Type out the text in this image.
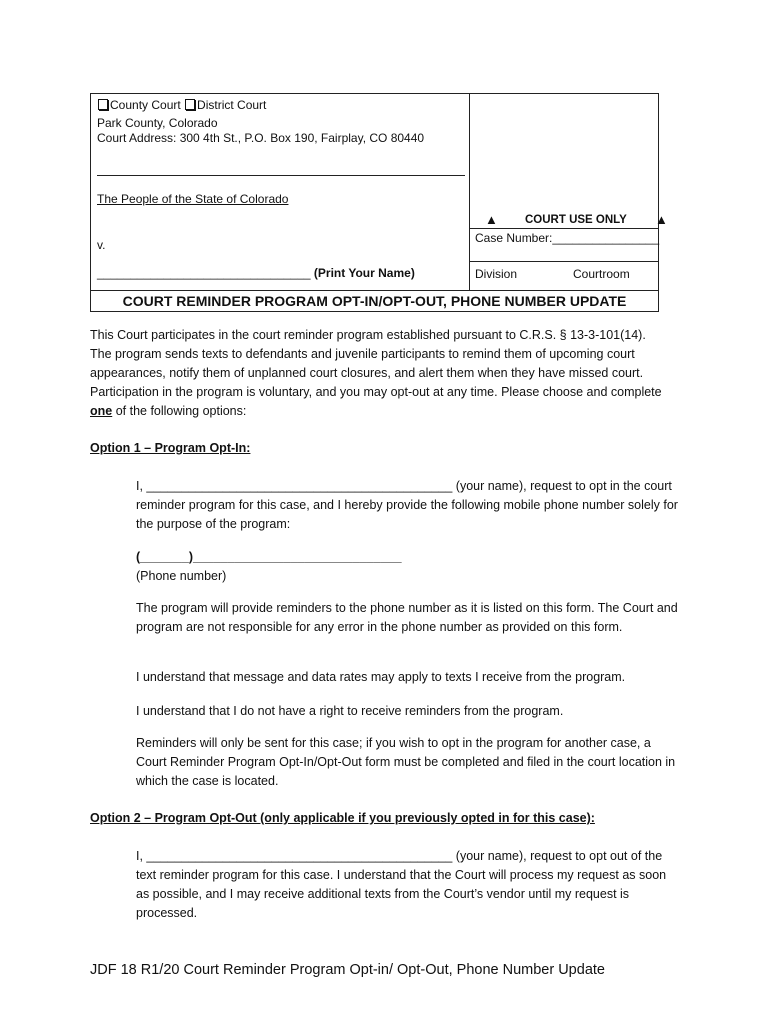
County Court District Court
Park County, Colorado
Court Address: 300 4th St., P.O. Box 190, Fairplay, CO 80440
The People of the State of Colorado
v.
________________________________ (Print Your Name)
▲ COURT USE ONLY ▲
Case Number:________________
Division	Courtroom
COURT REMINDER PROGRAM OPT-IN/OPT-OUT, PHONE NUMBER UPDATE
This Court participates in the court reminder program established pursuant to C.R.S. § 13-3-101(14). The program sends texts to defendants and juvenile participants to remind them of upcoming court appearances, notify them of unplanned court closures, and alert them when they have missed court. Participation in the program is voluntary, and you may opt-out at any time. Please choose and complete one of the following options:
Option 1 – Program Opt-In:
I, ____________________________________________ (your name), request to opt in the court reminder program for this case, and I hereby provide the following mobile phone number solely for the purpose of the program:
(_______)______________________________
(Phone number)
The program will provide reminders to the phone number as it is listed on this form. The Court and program are not responsible for any error in the phone number as provided on this form.
I understand that message and data rates may apply to texts I receive from the program.
I understand that I do not have a right to receive reminders from the program.
Reminders will only be sent for this case; if you wish to opt in the program for another case, a Court Reminder Program Opt-In/Opt-Out form must be completed and filed in the court location in which the case is located.
Option 2 – Program Opt-Out (only applicable if you previously opted in for this case):
I, ____________________________________________ (your name), request to opt out of the text reminder program for this case. I understand that the Court will process my request as soon as possible, and I may receive additional texts from the Court’s vendor until my request is processed.
JDF 18 R1/20 Court Reminder Program Opt-in/ Opt-Out, Phone Number Update
